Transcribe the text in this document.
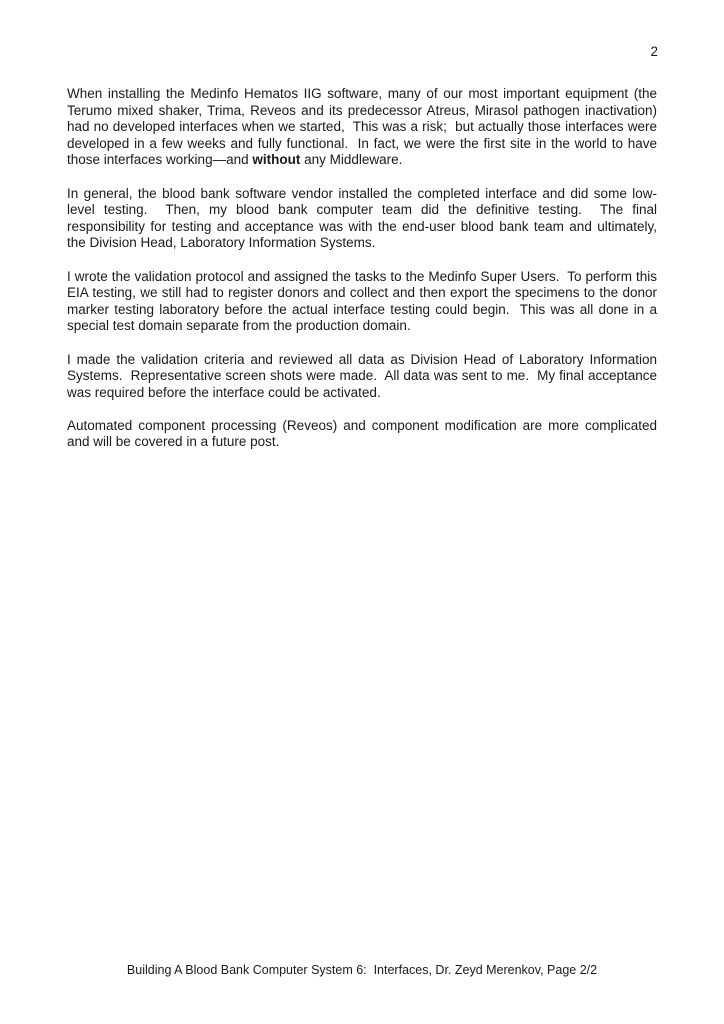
2

When installing the Medinfo Hematos IIG software, many of our most important equipment (the Terumo mixed shaker, Trima, Reveos and its predecessor Atreus, Mirasol pathogen inactivation) had no developed interfaces when we started,  This was a risk;  but actually those interfaces were developed in a few weeks and fully functional.  In fact, we were the first site in the world to have those interfaces working—and without any Middleware.

In general, the blood bank software vendor installed the completed interface and did some low-level testing.  Then, my blood bank computer team did the definitive testing.  The final responsibility for testing and acceptance was with the end-user blood bank team and ultimately, the Division Head, Laboratory Information Systems.

I wrote the validation protocol and assigned the tasks to the Medinfo Super Users.  To perform this EIA testing, we still had to register donors and collect and then export the specimens to the donor marker testing laboratory before the actual interface testing could begin.  This was all done in a special test domain separate from the production domain.

I made the validation criteria and reviewed all data as Division Head of Laboratory Information Systems.  Representative screen shots were made.  All data was sent to me.  My final acceptance was required before the interface could be activated.

Automated component processing (Reveos) and component modification are more complicated and will be covered in a future post.

Building A Blood Bank Computer System 6:  Interfaces, Dr. Zeyd Merenkov, Page 2/2
